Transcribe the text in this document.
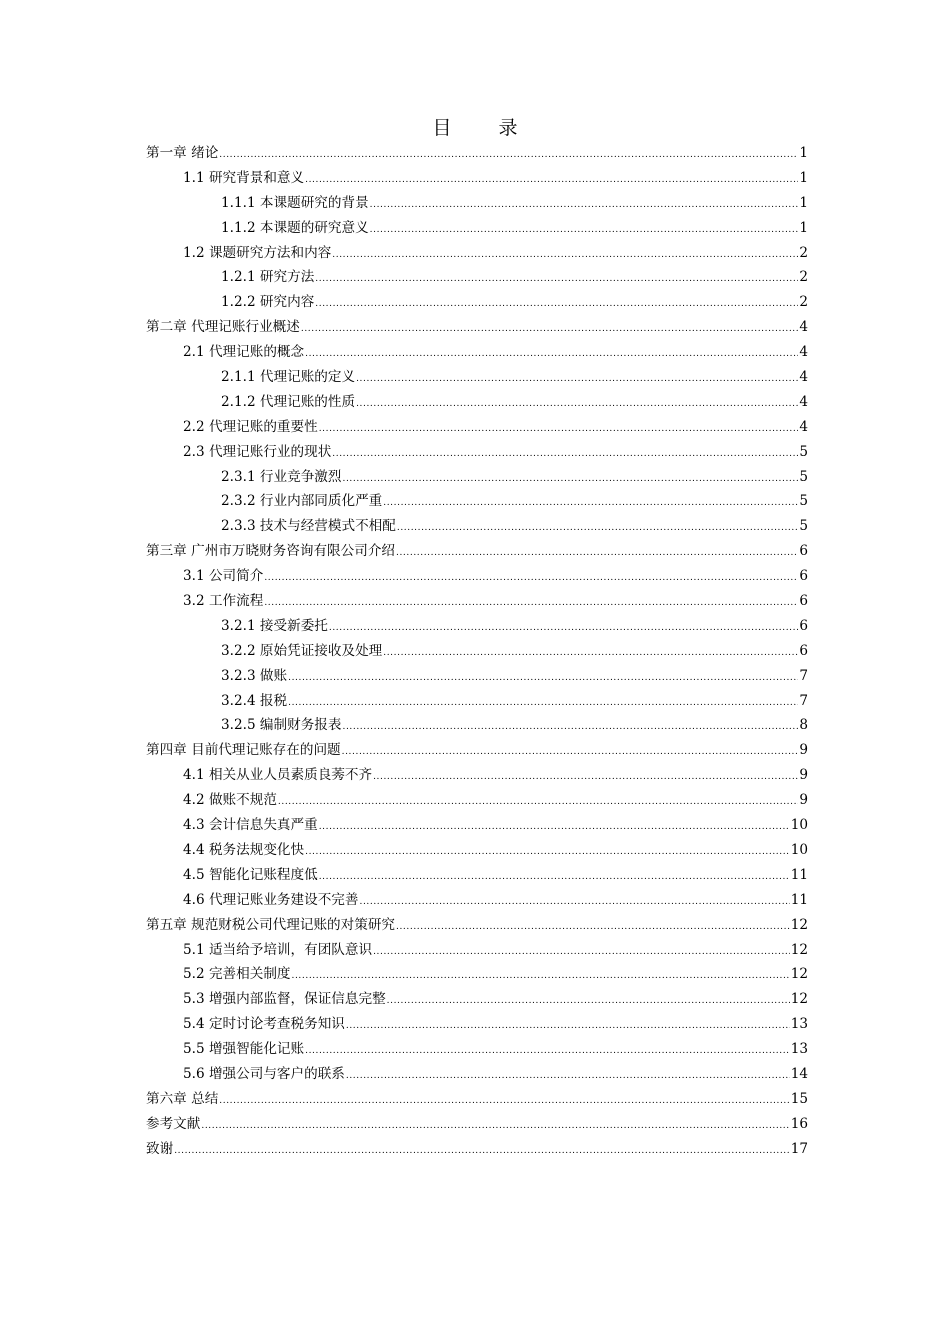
目　录
第一章 绪论 .....	1
1.1 研究背景和意义 .....	1
1.1.1 本课题研究的背景 .....	1
1.1.2 本课题的研究意义 .....	1
1.2 课题研究方法和内容 .....	2
1.2.1 研究方法 .....	2
1.2.2 研究内容 .....	2
第二章 代理记账行业概述 .....	4
2.1 代理记账的概念 .....	4
2.1.1 代理记账的定义 .....	4
2.1.2 代理记账的性质 .....	4
2.2 代理记账的重要性 .....	4
2.3 代理记账行业的现状 .....	5
2.3.1 行业竞争激烈 .....	5
2.3.2 行业内部同质化严重 .....	5
2.3.3 技术与经营模式不相配 .....	5
第三章 广州市万晓财务咨询有限公司介绍 .....	6
3.1 公司简介 .....	6
3.2 工作流程 .....	6
3.2.1 接受新委托 .....	6
3.2.2 原始凭证接收及处理 .....	6
3.2.3 做账 .....	7
3.2.4 报税 .....	7
3.2.5 编制财务报表 .....	8
第四章 目前代理记账存在的问题 .....	9
4.1 相关从业人员素质良莠不齐 .....	9
4.2 做账不规范 .....	9
4.3 会计信息失真严重 .....	10
4.4 税务法规变化快 .....	10
4.5 智能化记账程度低 .....	11
4.6 代理记账业务建设不完善 .....	11
第五章 规范财税公司代理记账的对策研究 .....	12
5.1 适当给予培训，有团队意识 .....	12
5.2 完善相关制度 .....	12
5.3 增强内部监督，保证信息完整 .....	12
5.4 定时讨论考查税务知识 .....	13
5.5 增强智能化记账 .....	13
5.6 增强公司与客户的联系 .....	14
第六章 总结 .....	15
参考文献 .....	16
致谢 .....	17
